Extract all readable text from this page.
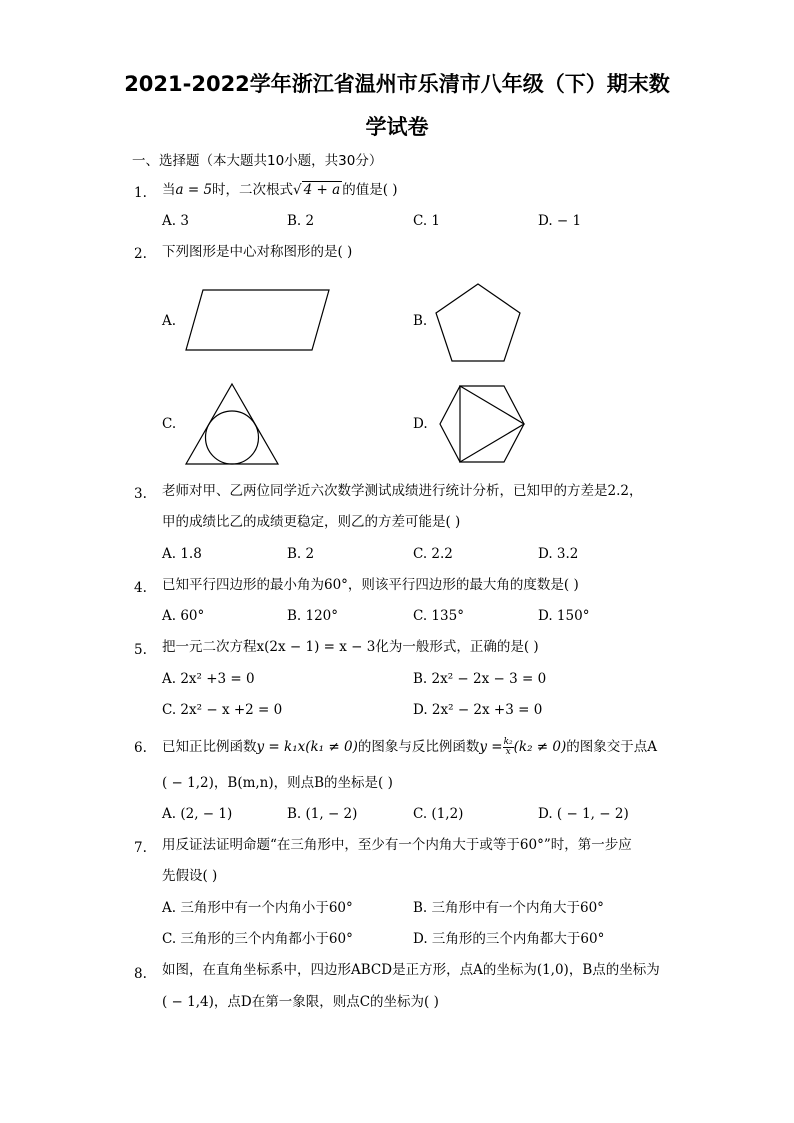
2021-2022学年浙江省温州市乐清市八年级（下）期末数
学试卷
一、选择题（本大题共10小题，共30分）
1. 当a = 5时，二次根式√ 4 + a 的值是( )
A. 3	B. 2	C. 1	D. − 1
2. 下列图形是中心对称图形的是( )
A.	B.
C.	D.
3. 老师对甲、乙两位同学近六次数学测试成绩进行统计分析，已知甲的方差是2.2，
甲的成绩比乙的成绩更稳定，则乙的方差可能是( )
A. 1.8	B. 2	C. 2.2	D. 3.2
4. 已知平行四边形的最小角为60°，则该平行四边形的最大角的度数是( )
A. 60°	B. 120°	C. 135°	D. 150°
5. 把一元二次方程x(2x − 1) = x − 3化为一般形式，正确的是( )
A. 2x² +3 = 0	B. 2x² − 2x − 3 = 0
C. 2x² − x +2 = 0	D. 2x² − 2x +3 = 0
6. 已知正比例函数y = k₁x(k₁ ≠ 0)的图象与反比例函数$y = \frac{\text{k₂}}{x} (k_2 \ne 0)$的图象交于点A
( − 1,2)，B(m,n)，则点B的坐标是( )
A. (2, − 1)	B. (1, − 2)	C. (1,2)	D. ( − 1, − 2)
7. 用反证法证明命题“在三角形中，至少有一个内角大于或等于60°”时，第一步应
先假设( )
A. 三角形中有一个内角小于60°	B. 三角形中有一个内角大于60°
C. 三角形的三个内角都小于60°	D. 三角形的三个内角都大于60°
8. 如图，在直角坐标系中，四边形ABCD是正方形，点A的坐标为(1,0)，B点的坐标为
( − 1,4)，点D在第一象限，则点C的坐标为( )
